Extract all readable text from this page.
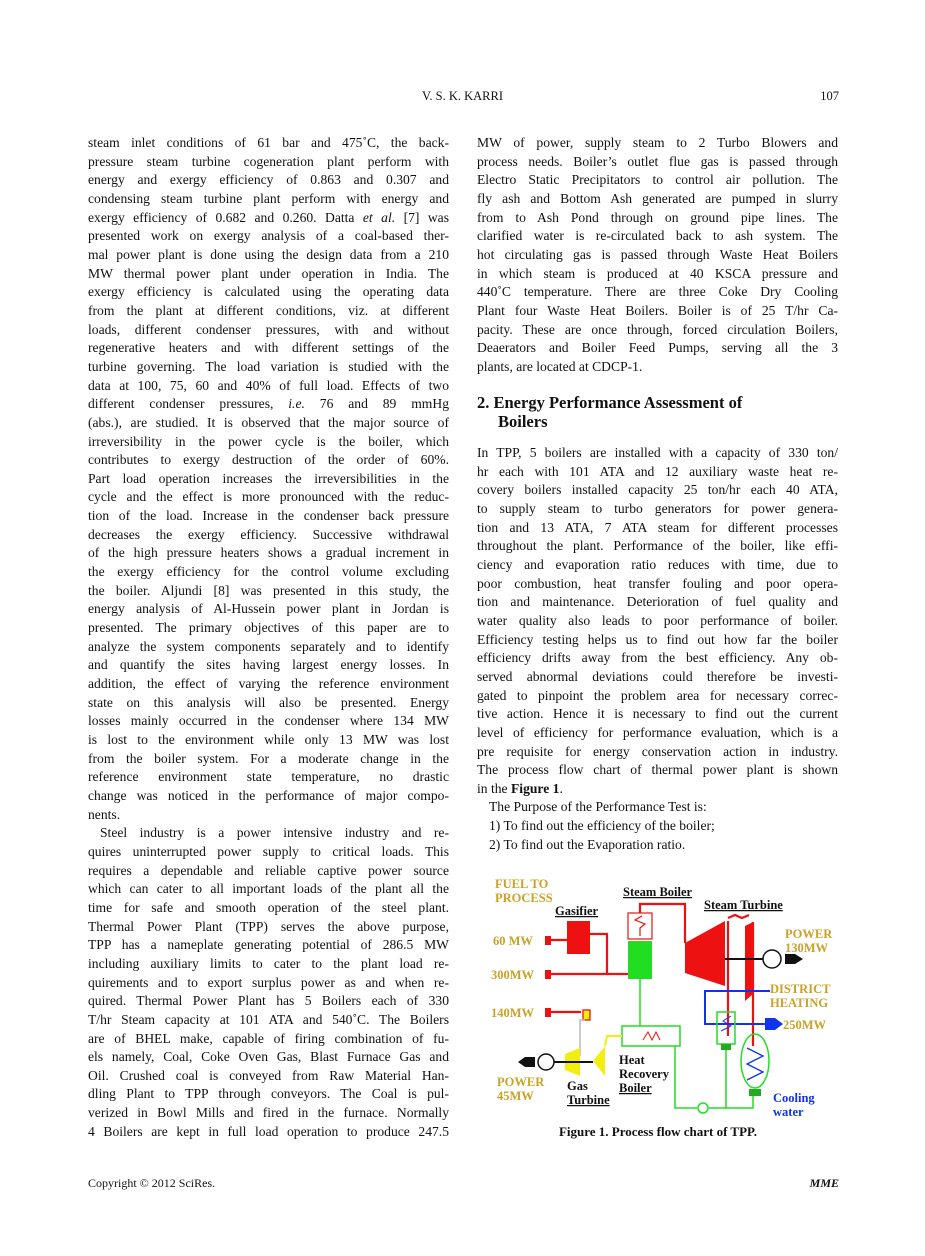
V. S. K. KARRI	107
steam inlet conditions of 61 bar and 475˚C, the back-
pressure steam turbine cogeneration plant perform with
energy and exergy efficiency of 0.863 and 0.307 and
condensing steam turbine plant perform with energy and
exergy efficiency of 0.682 and 0.260. Datta et al. [7] was
presented work on exergy analysis of a coal-based ther-
mal power plant is done using the design data from a 210
MW thermal power plant under operation in India. The
exergy efficiency is calculated using the operating data
from the plant at different conditions, viz. at different
loads, different condenser pressures, with and without
regenerative heaters and with different settings of the
turbine governing. The load variation is studied with the
data at 100, 75, 60 and 40% of full load. Effects of two
different condenser pressures, i.e. 76 and 89 mmHg
(abs.), are studied. It is observed that the major source of
irreversibility in the power cycle is the boiler, which
contributes to exergy destruction of the order of 60%.
Part load operation increases the irreversibilities in the
cycle and the effect is more pronounced with the reduc-
tion of the load. Increase in the condenser back pressure
decreases the exergy efficiency. Successive withdrawal
of the high pressure heaters shows a gradual increment in
the exergy efficiency for the control volume excluding
the boiler. Aljundi [8] was presented in this study, the
energy analysis of Al-Hussein power plant in Jordan is
presented. The primary objectives of this paper are to
analyze the system components separately and to identify
and quantify the sites having largest energy losses. In
addition, the effect of varying the reference environment
state on this analysis will also be presented. Energy
losses mainly occurred in the condenser where 134 MW
is lost to the environment while only 13 MW was lost
from the boiler system. For a moderate change in the
reference environment state temperature, no drastic
change was noticed in the performance of major compo-
nents.
Steel industry is a power intensive industry and re-
quires uninterrupted power supply to critical loads. This
requires a dependable and reliable captive power source
which can cater to all important loads of the plant all the
time for safe and smooth operation of the steel plant.
Thermal Power Plant (TPP) serves the above purpose,
TPP has a nameplate generating potential of 286.5 MW
including auxiliary limits to cater to the plant load re-
quirements and to export surplus power as and when re-
quired. Thermal Power Plant has 5 Boilers each of 330
T/hr Steam capacity at 101 ATA and 540˚C. The Boilers
are of BHEL make, capable of firing combination of fu-
els namely, Coal, Coke Oven Gas, Blast Furnace Gas and
Oil. Crushed coal is conveyed from Raw Material Han-
dling Plant to TPP through conveyors. The Coal is pul-
verized in Bowl Mills and fired in the furnace. Normally
4 Boilers are kept in full load operation to produce 247.5
MW of power, supply steam to 2 Turbo Blowers and
process needs. Boiler’s outlet flue gas is passed through
Electro Static Precipitators to control air pollution. The
fly ash and Bottom Ash generated are pumped in slurry
from to Ash Pond through on ground pipe lines. The
clarified water is re-circulated back to ash system. The
hot circulating gas is passed through Waste Heat Boilers
in which steam is produced at 40 KSCA pressure and
440˚C temperature. There are three Coke Dry Cooling
Plant four Waste Heat Boilers. Boiler is of 25 T/hr Ca-
pacity. These are once through, forced circulation Boilers,
Deaerators and Boiler Feed Pumps, serving all the 3
plants, are located at CDCP-1.
2. Energy Performance Assessment of
Boilers
In TPP, 5 boilers are installed with a capacity of 330 ton/
hr each with 101 ATA and 12 auxiliary waste heat re-
covery boilers installed capacity 25 ton/hr each 40 ATA,
to supply steam to turbo generators for power genera-
tion and 13 ATA, 7 ATA steam for different processes
throughout the plant. Performance of the boiler, like effi-
ciency and evaporation ratio reduces with time, due to
poor combustion, heat transfer fouling and poor opera-
tion and maintenance. Deterioration of fuel quality and
water quality also leads to poor performance of boiler.
Efficiency testing helps us to find out how far the boiler
efficiency drifts away from the best efficiency. Any ob-
served abnormal deviations could therefore be investi-
gated to pinpoint the problem area for necessary correc-
tive action. Hence it is necessary to find out the current
level of efficiency for performance evaluation, which is a
pre requisite for energy conservation action in industry.
The process flow chart of thermal power plant is shown
in the Figure 1.
The Purpose of the Performance Test is:
1) To find out the efficiency of the boiler;
2) To find out the Evaporation ratio.
FUEL TO
PROCESS
Gasifier
Steam Boiler
Steam Turbine
60 MW
300MW
140MW
POWER
130MW
DISTRICT
HEATING
250MW
Heat
Recovery
Boiler
Gas
Turbine
POWER
45MW	Cooling
water
Figure 1. Process flow chart of TPP.
Copyright © 2012 SciRes.	MME
